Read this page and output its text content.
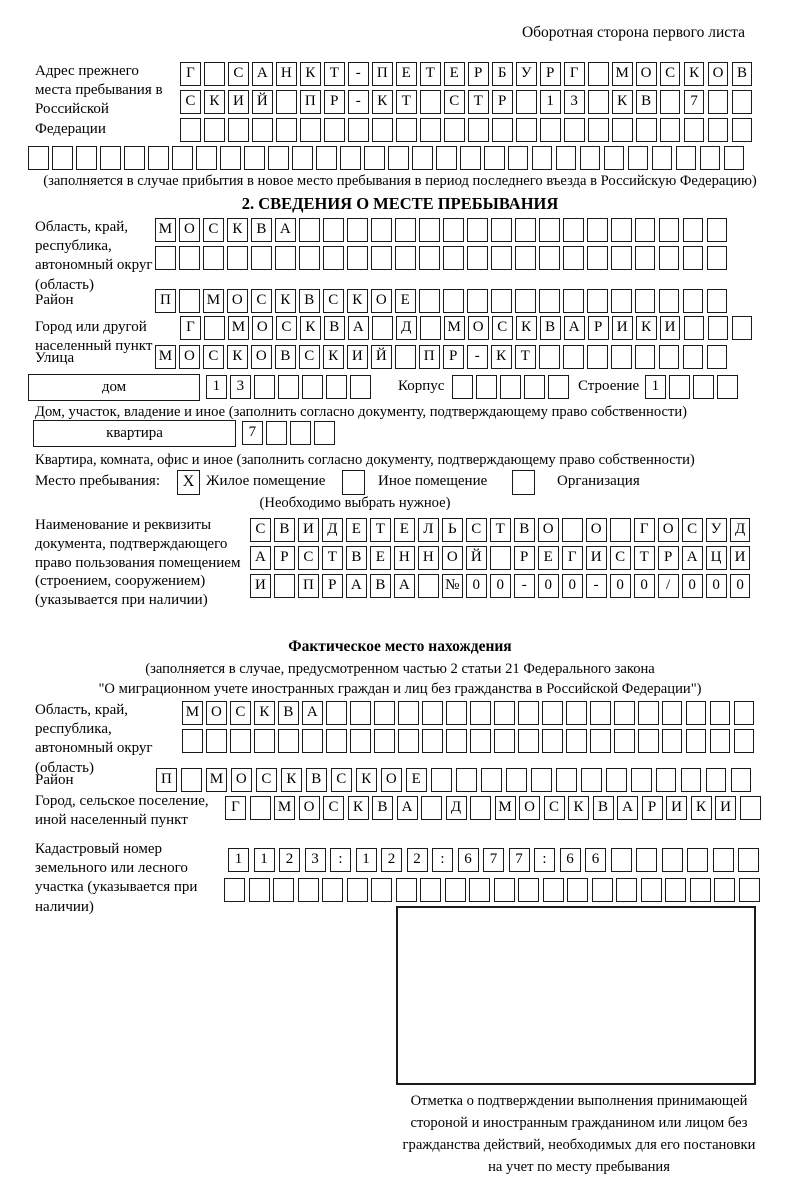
Оборотная сторона первого листа
Адрес прежнего места пребывания в Российской Федерации
Г	С А Н К Т - П Е Т Е Р Б У Р Г М О С К О В
С К И Й П Р - К Т	С Т Р	1 3	К В	7
(заполняется в случае прибытия в новое место пребывания в период последнего въезда в Российскую Федерацию)
2. СВЕДЕНИЯ О МЕСТЕ ПРЕБЫВАНИЯ
Область, край, республика, автономный округ (область)
М О С К В А
Район	П М О С К В С К О Е
Город или другой населенный пункт
Г М О С К В А Д М О С К В А Р И К И
Улица	М О С К О В С К И Й П Р - К Т
дом	1 3	Корпус	Строение 1
Дом, участок, владение и иное (заполнить согласно документу, подтверждающему право собственности)
квартира	7
Квартира, комната, офис и иное (заполнить согласно документу, подтверждающему право собственности)
Место пребывания:	X Жилое помещение	Иное помещение	Организация
(Необходимо выбрать нужное)
Наименование и реквизиты документа, подтверждающего право пользования помещением (строением, сооружением) (указывается при наличии)
С В И Д Е Т Е Л Ь С Т В О О	Г О С У Д
А Р С Т В Е Н Н О Й	Р Е Г И С Т Р А Ц И
И П Р А В А № 0 0 - 0 0 - 0 0 / 0 0 0
Фактическое место нахождения
(заполняется в случае, предусмотренном частью 2 статьи 21 Федерального закона
"О миграционном учете иностранных граждан и лиц без гражданства в Российской Федерации")
Область, край, республика, автономный округ (область)
М О С К В А
Район	П	М О С К В С К О Е
Город, сельское поселение, иной населенный пункт
Г	М О С К В А	Д М О С К В А Р И К И
Кадастровый номер земельного или лесного участка (указывается при наличии)
1 1 2 3 : 1 2 2 : 6 7 7 : 6 6
Отметка о подтверждении выполнения принимающей
стороной и иностранным гражданином или лицом без
гражданства действий, необходимых для его постановки
на учет по месту пребывания
